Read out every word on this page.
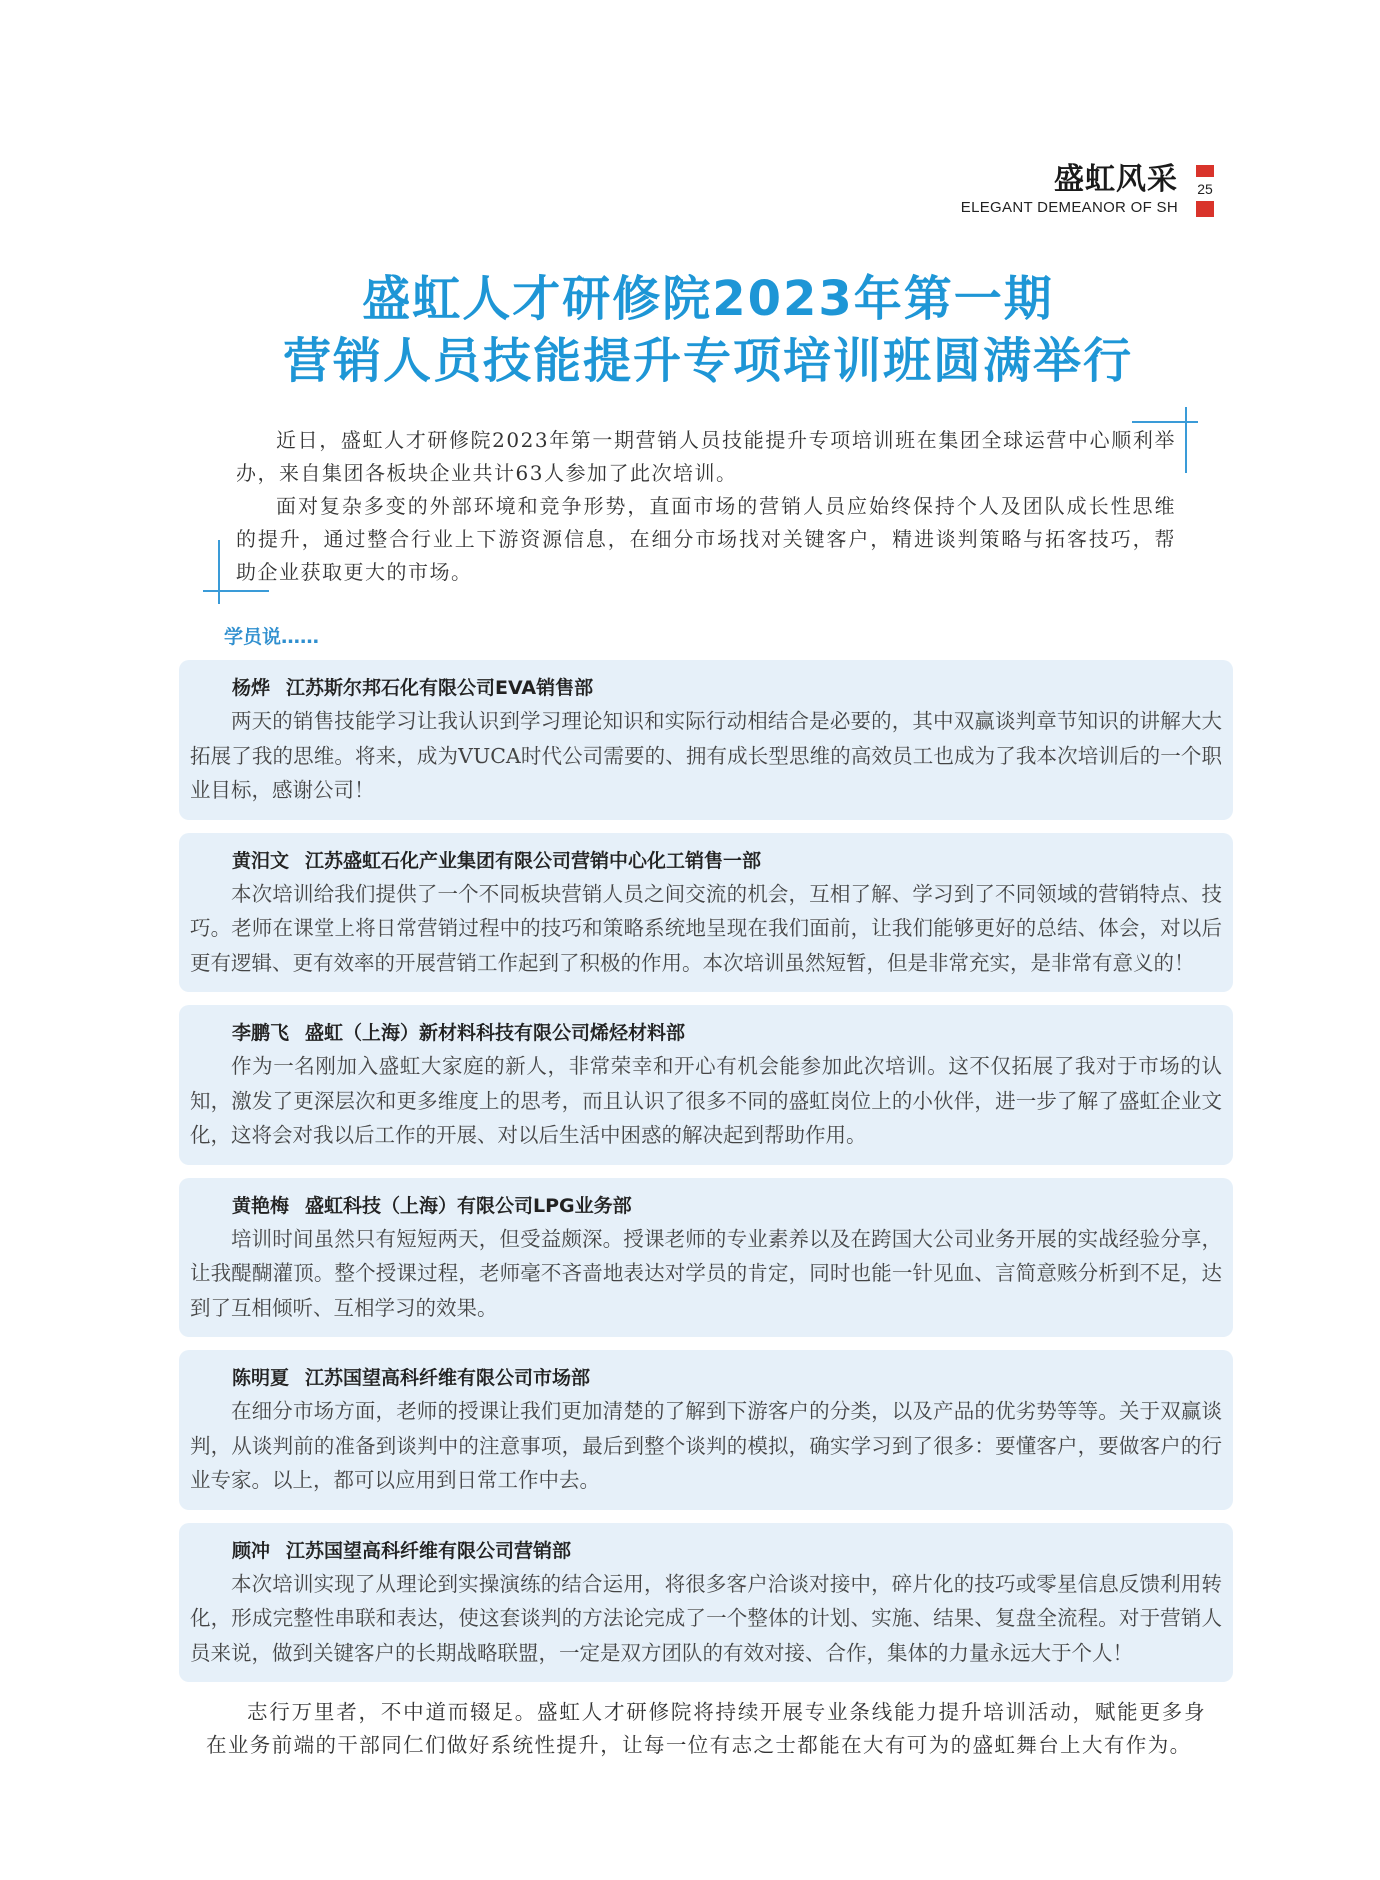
盛虹风采
ELEGANT DEMEANOR OF SH
25
盛虹人才研修院2023年第一期
营销人员技能提升专项培训班圆满举行

近日，盛虹人才研修院2023年第一期营销人员技能提升专项培训班在集团全球运营中心顺利举办，来自集团各板块企业共计63人参加了此次培训。

面对复杂多变的外部环境和竞争形势，直面市场的营销人员应始终保持个人及团队成长性思维的提升，通过整合行业上下游资源信息，在细分市场找对关键客户，精进谈判策略与拓客技巧，帮助企业获取更大的市场。

学员说……
杨烨 江苏斯尔邦石化有限公司EVA销售部

两天的销售技能学习让我认识到学习理论知识和实际行动相结合是必要的，其中双赢谈判章节知识的讲解大大拓展了我的思维。将来，成为VUCA时代公司需要的、拥有成长型思维的高效员工也成为了我本次培训后的一个职业目标，感谢公司！

黄汨文 江苏盛虹石化产业集团有限公司营销中心化工销售一部

本次培训给我们提供了一个不同板块营销人员之间交流的机会，互相了解、学习到了不同领域的营销特点、技巧。老师在课堂上将日常营销过程中的技巧和策略系统地呈现在我们面前，让我们能够更好的总结、体会，对以后更有逻辑、更有效率的开展营销工作起到了积极的作用。本次培训虽然短暂，但是非常充实，是非常有意义的！

李鹏飞 盛虹（上海）新材料科技有限公司烯烃材料部

作为一名刚加入盛虹大家庭的新人，非常荣幸和开心有机会能参加此次培训。这不仅拓展了我对于市场的认知，激发了更深层次和更多维度上的思考，而且认识了很多不同的盛虹岗位上的小伙伴，进一步了解了盛虹企业文化，这将会对我以后工作的开展、对以后生活中困惑的解决起到帮助作用。

黄艳梅 盛虹科技（上海）有限公司LPG业务部

培训时间虽然只有短短两天，但受益颇深。授课老师的专业素养以及在跨国大公司业务开展的实战经验分享，让我醍醐灌顶。整个授课过程，老师毫不吝啬地表达对学员的肯定，同时也能一针见血、言简意赅分析到不足，达到了互相倾听、互相学习的效果。

陈明夏 江苏国望高科纤维有限公司市场部

在细分市场方面，老师的授课让我们更加清楚的了解到下游客户的分类，以及产品的优劣势等等。关于双赢谈判，从谈判前的准备到谈判中的注意事项，最后到整个谈判的模拟，确实学习到了很多：要懂客户，要做客户的行业专家。以上，都可以应用到日常工作中去。

顾冲 江苏国望高科纤维有限公司营销部

本次培训实现了从理论到实操演练的结合运用，将很多客户洽谈对接中，碎片化的技巧或零星信息反馈利用转化，形成完整性串联和表达，使这套谈判的方法论完成了一个整体的计划、实施、结果、复盘全流程。对于营销人员来说，做到关键客户的长期战略联盟，一定是双方团队的有效对接、合作，集体的力量永远大于个人！

志行万里者，不中道而辍足。盛虹人才研修院将持续开展专业条线能力提升培训活动，赋能更多身在业务前端的干部同仁们做好系统性提升，让每一位有志之士都能在大有可为的盛虹舞台上大有作为。
